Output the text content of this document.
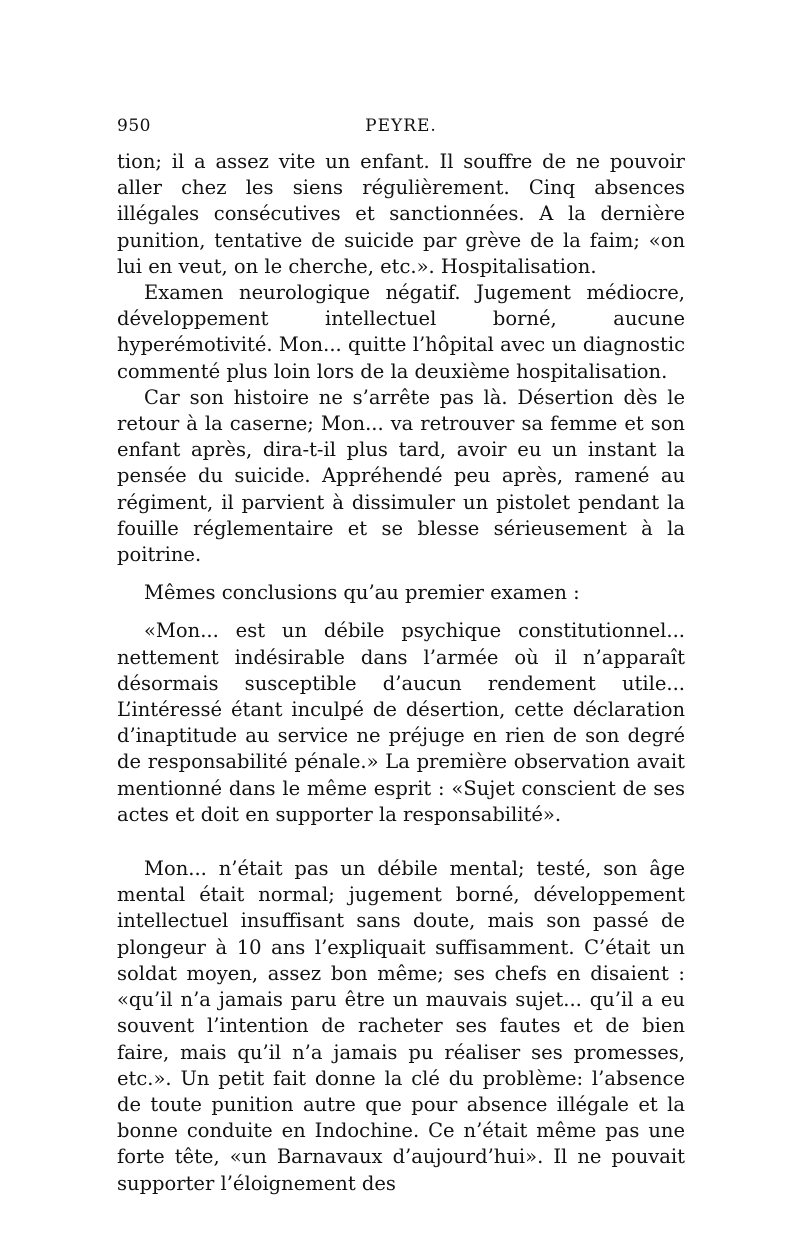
950	PEYRE.

tion; il a assez vite un enfant. Il souffre de ne pouvoir aller chez les siens régulièrement. Cinq absences illégales consécutives et sanctionnées. A la dernière punition, tentative de suicide par grève de la faim; «on lui en veut, on le cherche, etc.». Hospitalisation.

Examen neurologique négatif. Jugement médiocre, développement intellectuel borné, aucune hyperémotivité. Mon... quitte l’hôpital avec un diagnostic commenté plus loin lors de la deuxième hospitalisation.

Car son histoire ne s’arrête pas là. Désertion dès le retour à la caserne; Mon... va retrouver sa femme et son enfant après, dira-t-il plus tard, avoir eu un instant la pensée du suicide. Appréhendé peu après, ramené au régiment, il parvient à dissimuler un pistolet pendant la fouille réglementaire et se blesse sérieusement à la poitrine.

Mêmes conclusions qu’au premier examen :

«Mon... est un débile psychique constitutionnel... nettement indésirable dans l’armée où il n’apparaît désormais susceptible d’aucun rendement utile... L’intéressé étant inculpé de désertion, cette déclaration d’inaptitude au service ne préjuge en rien de son degré de responsabilité pénale.» La première observation avait mentionné dans le même esprit : «Sujet conscient de ses actes et doit en supporter la responsabilité».

Mon... n’était pas un débile mental; testé, son âge mental était normal; jugement borné, développement intellectuel insuffisant sans doute, mais son passé de plongeur à 10 ans l’expliquait suffisamment. C’était un soldat moyen, assez bon même; ses chefs en disaient : «qu’il n’a jamais paru être un mauvais sujet... qu’il a eu souvent l’intention de racheter ses fautes et de bien faire, mais qu’il n’a jamais pu réaliser ses promesses, etc.». Un petit fait donne la clé du problème: l’absence de toute punition autre que pour absence illégale et la bonne conduite en Indochine. Ce n’était même pas une forte tête, «un Barnavaux d’aujourd’hui». Il ne pouvait supporter l’éloignement des
